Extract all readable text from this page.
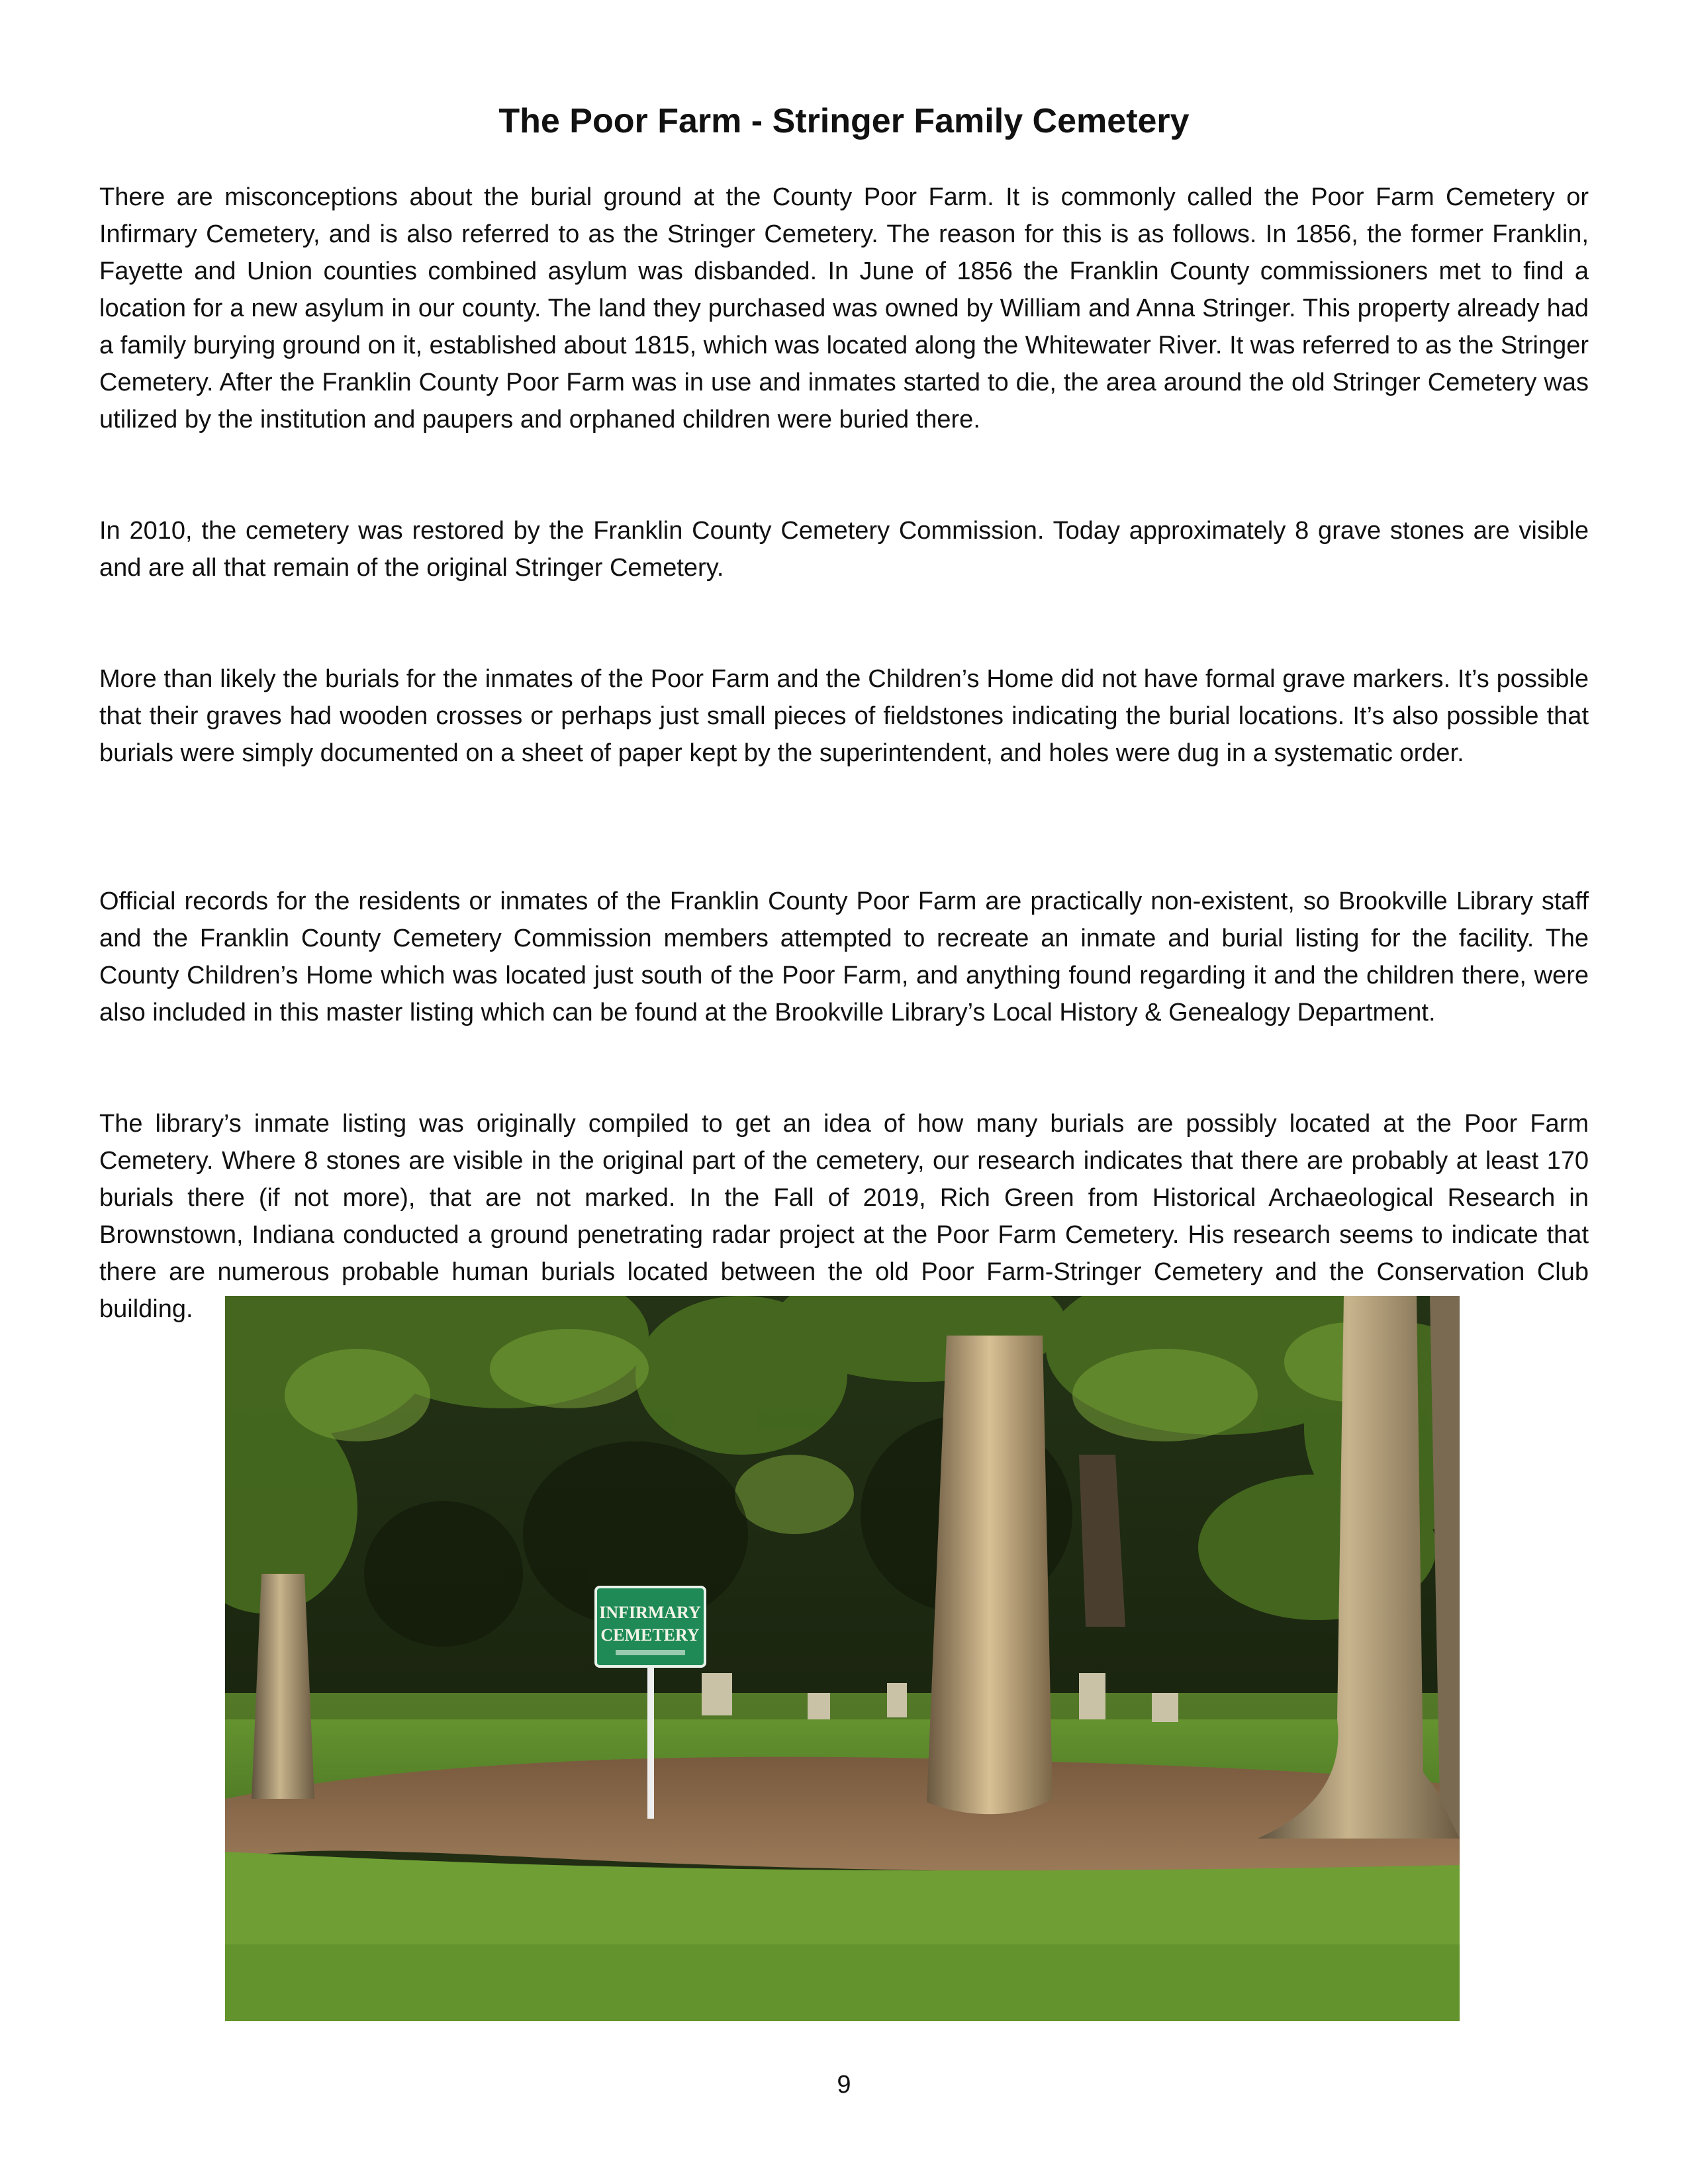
The Poor Farm - Stringer Family Cemetery

There are misconceptions about the burial ground at the County Poor Farm. It is commonly called the Poor Farm Cemetery or Infirmary Cemetery, and is also referred to as the Stringer Cemetery. The reason for this is as follows. In 1856, the former Franklin, Fayette and Union counties combined asylum was disbanded. In June of 1856 the Franklin County commissioners met to find a location for a new asylum in our county. The land they purchased was owned by William and Anna Stringer. This property already had a family burying ground on it, established about 1815, which was located along the Whitewater River. It was referred to as the Stringer Cemetery. After the Franklin County Poor Farm was in use and inmates started to die, the area around the old Stringer Cemetery was utilized by the institution and paupers and orphaned children were buried there.

In 2010, the cemetery was restored by the Franklin County Cemetery Commission. Today approximately 8 grave stones are visible and are all that remain of the original Stringer Cemetery.

More than likely the burials for the inmates of the Poor Farm and the Children’s Home did not have formal grave markers. It’s possible that their graves had wooden crosses or perhaps just small pieces of fieldstones indicating the burial locations. It’s also possible that burials were simply documented on a sheet of paper kept by the superintendent, and holes were dug in a systematic order.

Official records for the residents or inmates of the Franklin County Poor Farm are practically non-existent, so Brookville Library staff and the Franklin County Cemetery Commission members attempted to recreate an inmate and burial listing for the facility. The County Children’s Home which was located just south of the Poor Farm, and anything found regarding it and the children there, were also included in this master listing which can be found at the Brookville Library’s Local History & Genealogy Department.

The library’s inmate listing was originally compiled to get an idea of how many burials are possibly located at the Poor Farm Cemetery. Where 8 stones are visible in the original part of the cemetery, our research indicates that there are probably at least 170 burials there (if not more), that are not marked. In the Fall of 2019, Rich Green from Historical Archaeological Research in Brownstown, Indiana conducted a ground penetrating radar project at the Poor Farm Cemetery. His research seems to indicate that there are numerous probable human burials located between the old Poor Farm-Stringer Cemetery and the Conservation Club building.

INFIRMARY
CEMETERY
9
